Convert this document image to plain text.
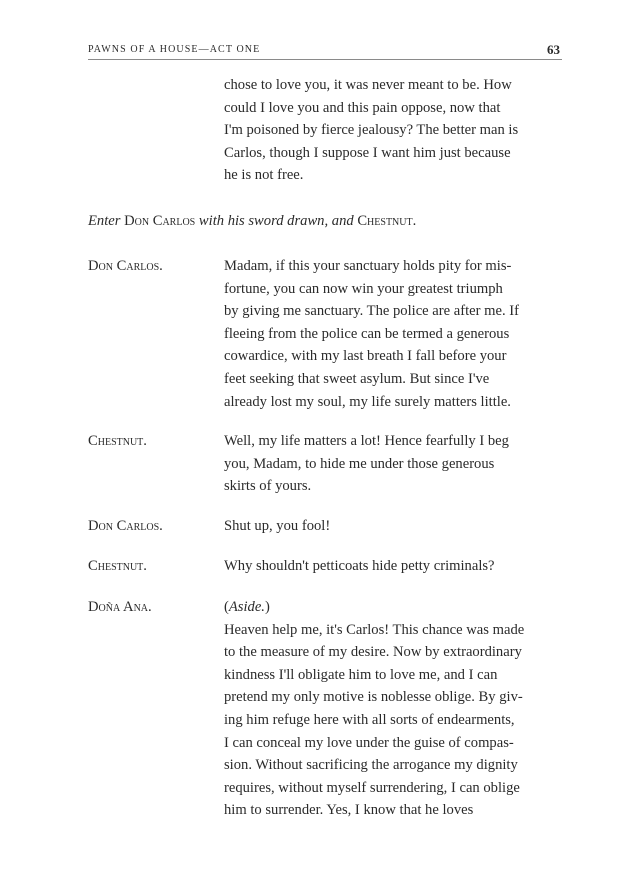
PAWNS OF A HOUSE—ACT ONE	63
chose to love you, it was never meant to be. How
could I love you and this pain oppose, now that
I'm poisoned by fierce jealousy? The better man is
Carlos, though I suppose I want him just because
he is not free.
Enter Don Carlos with his sword drawn, and Chestnut.
Don Carlos.	Madam, if this your sanctuary holds pity for mis-
fortune, you can now win your greatest triumph
by giving me sanctuary. The police are after me. If
fleeing from the police can be termed a generous
cowardice, with my last breath I fall before your
feet seeking that sweet asylum. But since I've
already lost my soul, my life surely matters little.
Chestnut.	Well, my life matters a lot! Hence fearfully I beg
you, Madam, to hide me under those generous
skirts of yours.
Don Carlos.	Shut up, you fool!
Chestnut.	Why shouldn't petticoats hide petty criminals?
Doña Ana.	(Aside.)
Heaven help me, it's Carlos! This chance was made
to the measure of my desire. Now by extraordinary
kindness I'll obligate him to love me, and I can
pretend my only motive is noblesse oblige. By giv-
ing him refuge here with all sorts of endearments,
I can conceal my love under the guise of compas-
sion. Without sacrificing the arrogance my dignity
requires, without myself surrendering, I can oblige
him to surrender. Yes, I know that he loves
